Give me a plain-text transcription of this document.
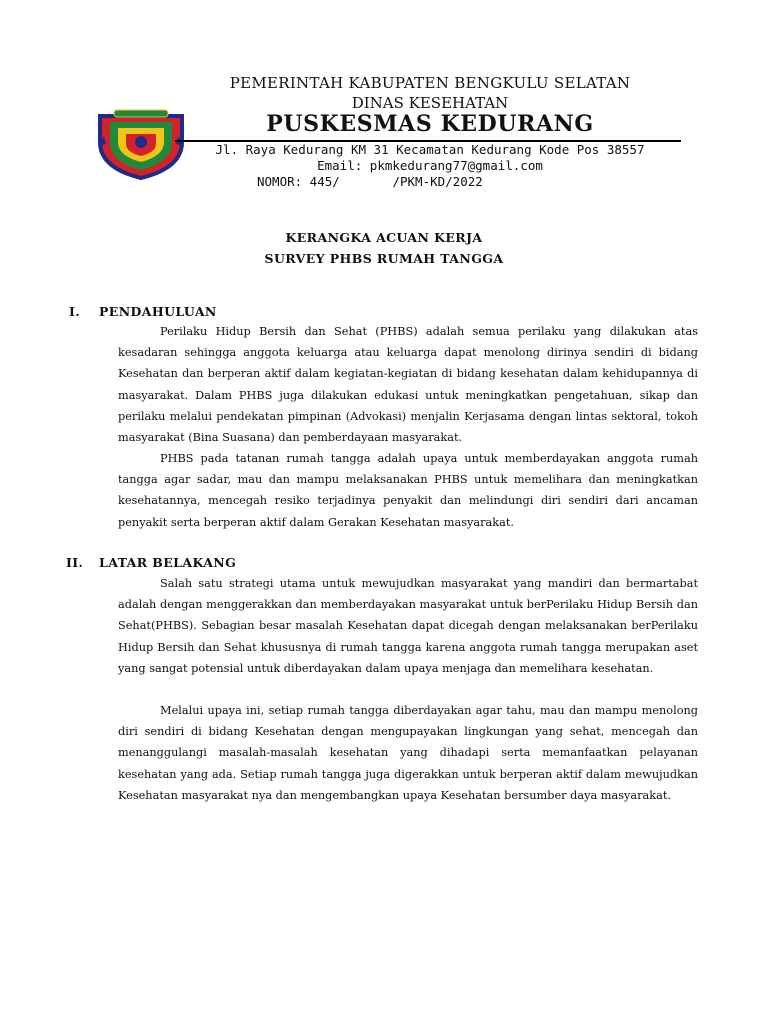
PEMERINTAH KABUPATEN BENGKULU SELATAN
DINAS KESEHATAN
PUSKESMAS KEDURANG
Jl. Raya Kedurang KM 31 Kecamatan Kedurang Kode Pos 38557
Email: pkmkedurang77@gmail.com
NOMOR: 445/       /PKM-KD/2022
KERANGKA ACUAN KERJA
SURVEY PHBS RUMAH TANGGA
I. PENDAHULUAN

Perilaku Hidup Bersih dan Sehat (PHBS) adalah semua perilaku yang dilakukan atas kesadaran sehingga anggota keluarga atau keluarga dapat menolong dirinya sendiri di bidang Kesehatan dan berperan aktif dalam kegiatan-kegiatan di bidang kesehatan dalam kehidupannya di masyarakat. Dalam PHBS juga dilakukan edukasi untuk meningkatkan pengetahuan, sikap dan perilaku melalui pendekatan pimpinan (Advokasi) menjalin Kerjasama dengan lintas sektoral, tokoh masyarakat (Bina Suasana) dan pemberdayaan masyarakat.

PHBS pada tatanan rumah tangga adalah upaya untuk memberdayakan anggota rumah tangga agar sadar, mau dan mampu melaksanakan PHBS untuk memelihara dan meningkatkan kesehatannya, mencegah resiko terjadinya penyakit dan melindungi diri sendiri dari ancaman penyakit serta berperan aktif dalam Gerakan Kesehatan masyarakat.

II. LATAR BELAKANG

Salah satu strategi utama untuk mewujudkan masyarakat yang mandiri dan bermartabat adalah dengan menggerakkan dan memberdayakan masyarakat untuk berPerilaku Hidup Bersih dan Sehat(PHBS). Sebagian besar masalah Kesehatan dapat dicegah dengan melaksanakan berPerilaku Hidup Bersih dan Sehat khususnya di rumah tangga karena anggota rumah tangga merupakan aset yang sangat potensial untuk diberdayakan dalam upaya menjaga dan memelihara kesehatan.

Melalui upaya ini, setiap rumah tangga diberdayakan agar tahu, mau dan mampu menolong diri sendiri di bidang Kesehatan dengan mengupayakan lingkungan yang sehat, mencegah dan menanggulangi masalah-masalah kesehatan yang dihadapi serta memanfaatkan pelayanan kesehatan yang ada. Setiap rumah tangga juga digerakkan untuk berperan aktif dalam mewujudkan Kesehatan masyarakat nya dan mengembangkan upaya Kesehatan bersumber daya masyarakat.
